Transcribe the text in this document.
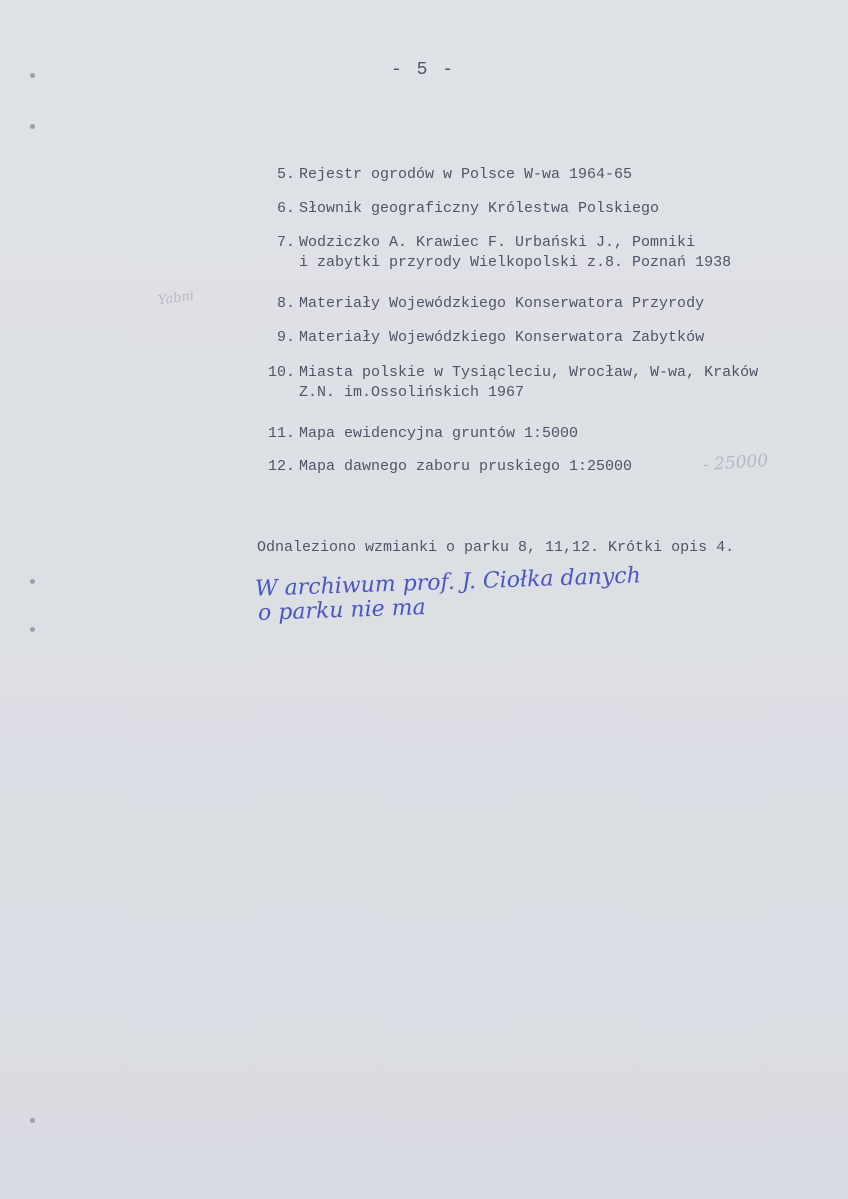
- 5 -
5. Rejestr ogrodów w Polsce W-wa 1964-65
6. Słownik geograficzny Królestwa Polskiego
7. Wodziczko A. Krawiec F. Urbański J., Pomniki
i zabytki przyrody Wielkopolski z.8. Poznań 1938
8. Materiały Wojewódzkiego Konserwatora Przyrody
9. Materiały Wojewódzkiego Konserwatora Zabytków
10. Miasta polskie w Tysiącleciu, Wrocław, W-wa, Kraków
Z.N. im.Ossolińskich 1967
11. Mapa ewidencyjna gruntów 1:5000
12. Mapa dawnego zaboru pruskiego 1:25000
Yabni
- 25000
Odnaleziono wzmianki o parku 8, 11,12. Krótki opis 4.
W archiwum prof. J. Ciołka danych
o parku nie ma
